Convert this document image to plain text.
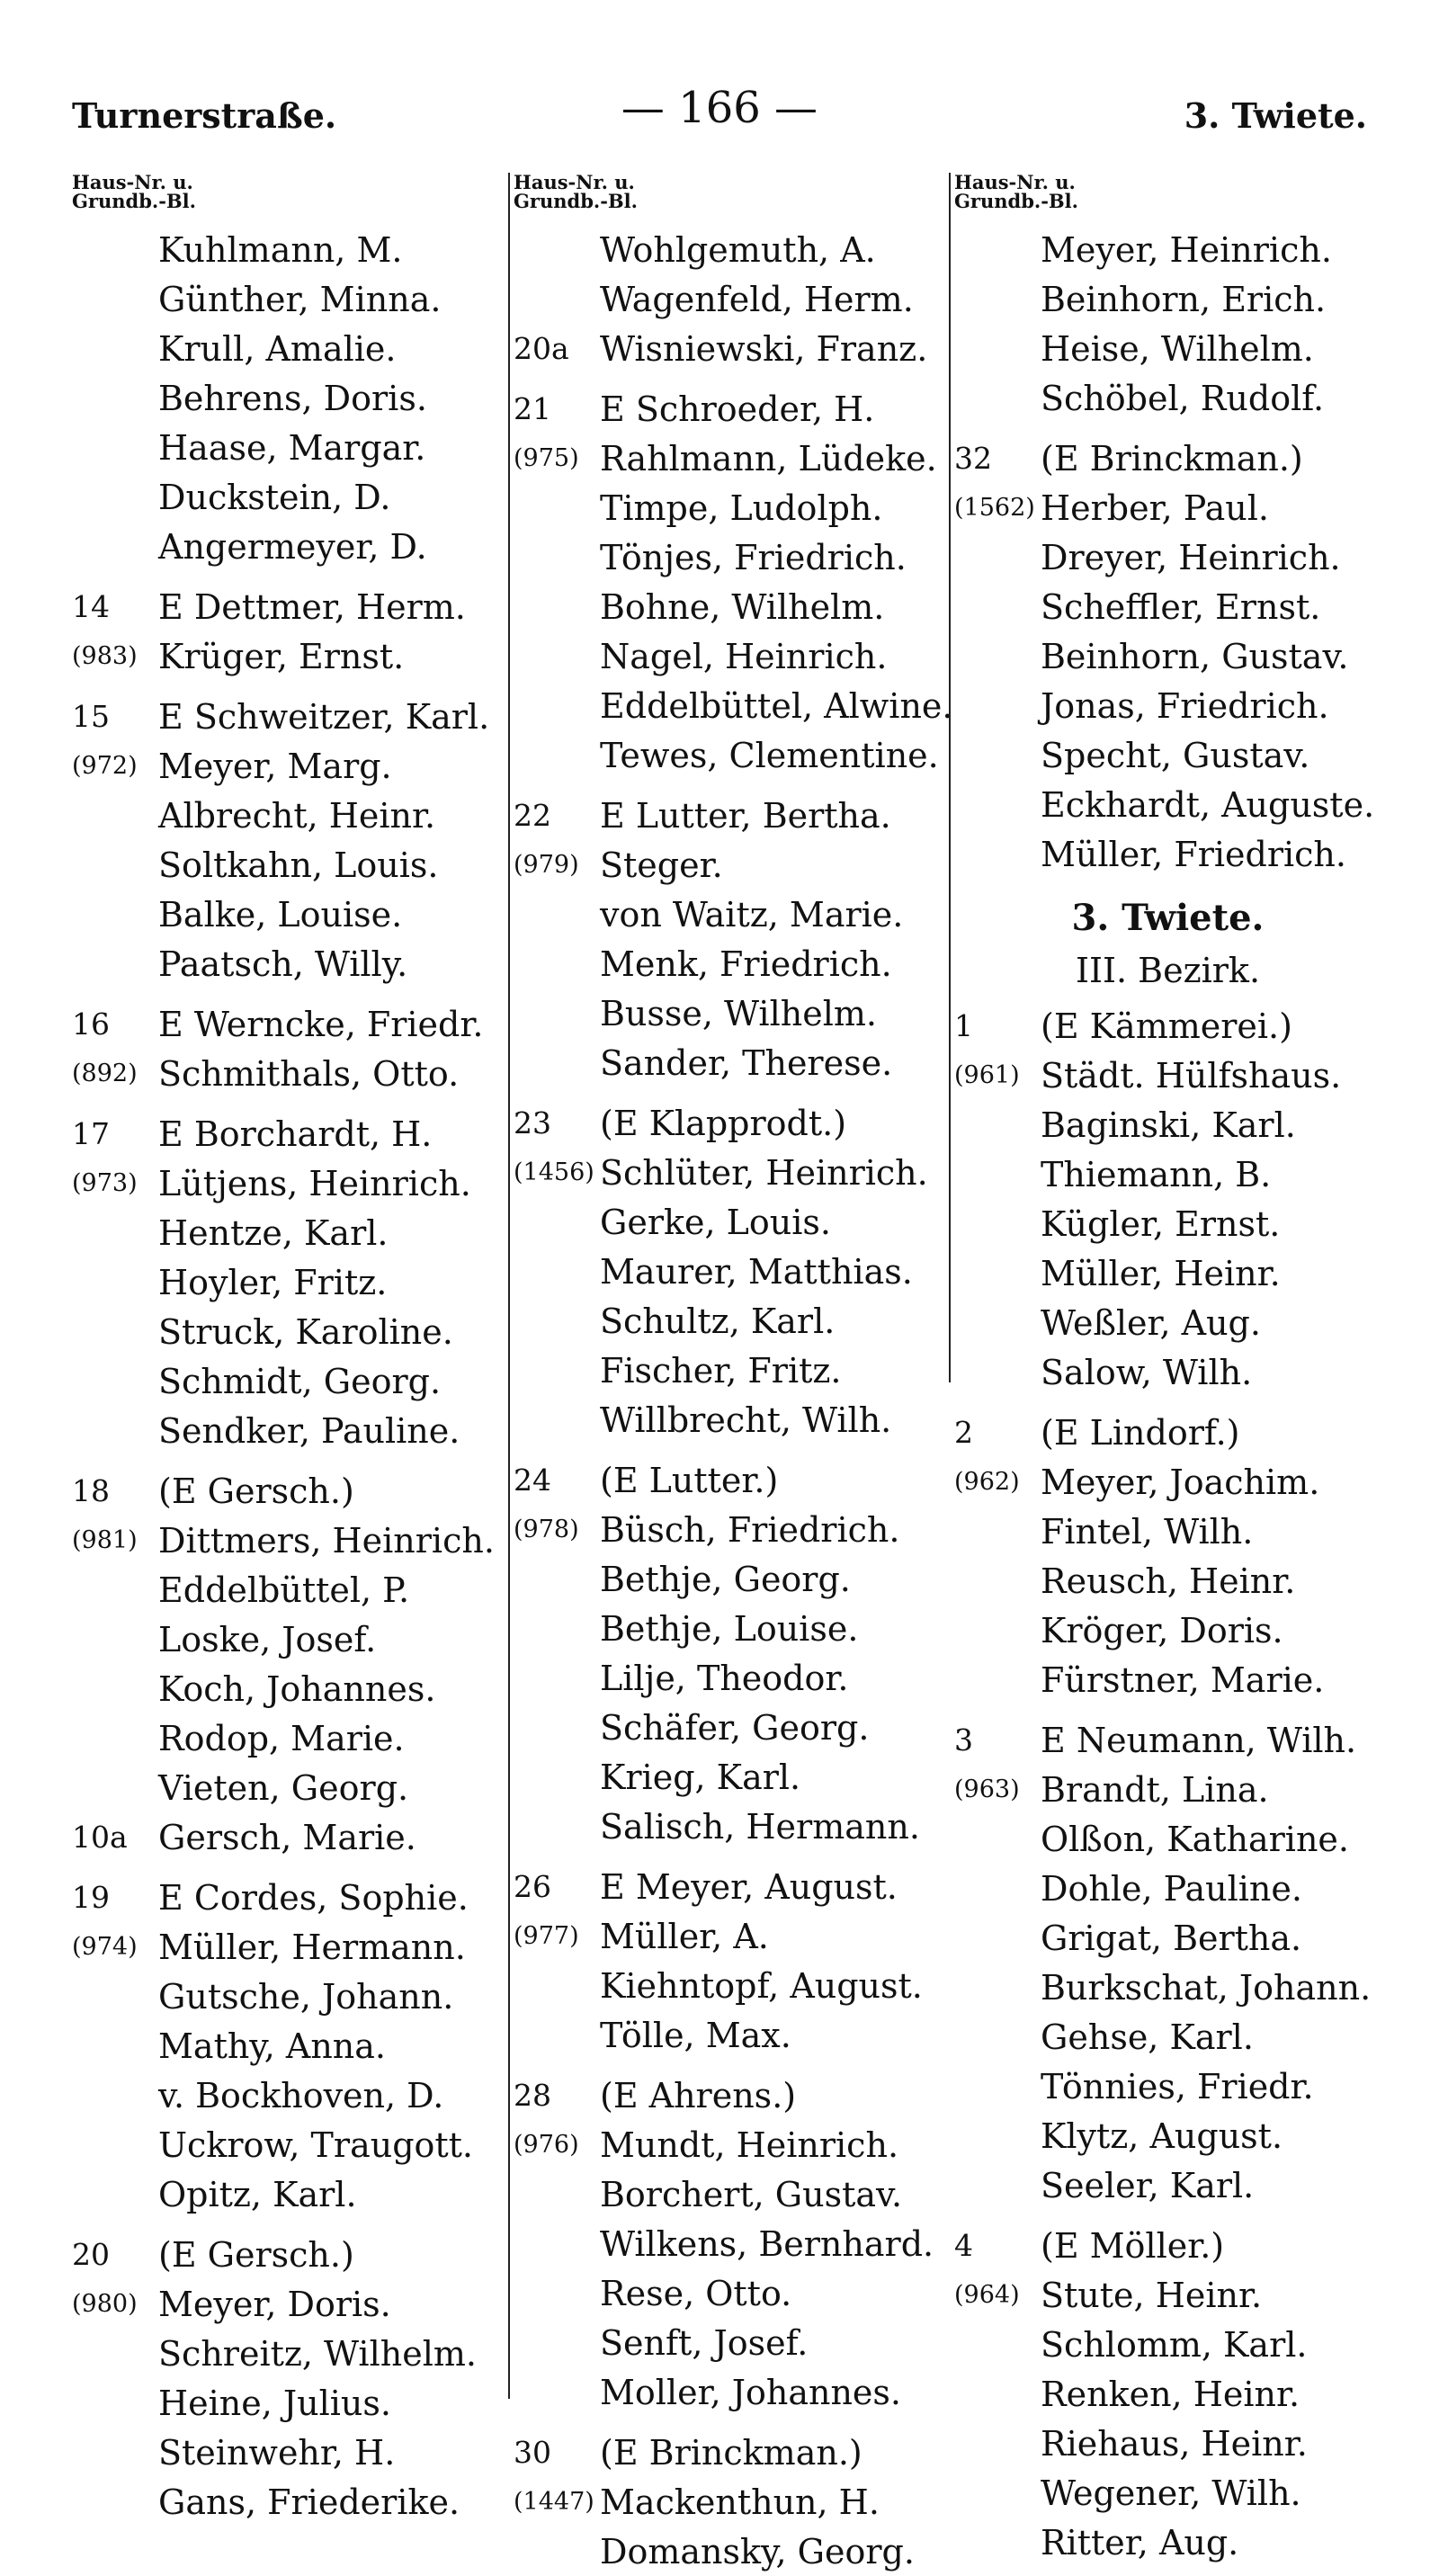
Turnerstraße.	— 166 —	3. Twiete.
Haus-Nr. u.
Grundb.-Bl.
Kuhlmann, M.
Günther, Minna.
Krull, Amalie.
Behrens, Doris.
Haase, Margar.
Duckstein, D.
Angermeyer, D.
14	E Dettmer, Herm.
(983) Krüger, Ernst.
15	E Schweitzer, Karl.
(972) Meyer, Marg.
Albrecht, Heinr.
Soltkahn, Louis.
Balke, Louise.
Paatsch, Willy.
16	E Werncke, Friedr.
(892) Schmithals, Otto.
17	E Borchardt, H.
(973) Lütjens, Heinrich.
Hentze, Karl.
Hoyler, Fritz.
Struck, Karoline.
Schmidt, Georg.
Sendker, Pauline.
18	(E Gersch.)
(981) Dittmers, Heinrich.
Eddelbüttel, P.
Loske, Josef.
Koch, Johannes.
Rodop, Marie.
Vieten, Georg.
10a Gersch, Marie.
19	E Cordes, Sophie.
(974) Müller, Hermann.
Gutsche, Johann.
Mathy, Anna.
v. Bockhoven, D.
Uckrow, Traugott.
Opitz, Karl.
20	(E Gersch.)
(980) Meyer, Doris.
Schreitz, Wilhelm.
Heine, Julius.
Steinwehr, H.
Gans, Friederike.
Haus-Nr. u.
Grundb.-Bl.
Wohlgemuth, A.
Wagenfeld, Herm.
20a Wisniewski, Franz.
21	E Schroeder, H.
(975) Rahlmann, Lüdeke.
Timpe, Ludolph.
Tönjes, Friedrich.
Bohne, Wilhelm.
Nagel, Heinrich.
Eddelbüttel, Alwine.
Tewes, Clementine.
22	E Lutter, Bertha.
(979) Steger.
von Waitz, Marie.
Menk, Friedrich.
Busse, Wilhelm.
Sander, Therese.
23	(E Klapprodt.)
(1456) Schlüter, Heinrich.
Gerke, Louis.
Maurer, Matthias.
Schultz, Karl.
Fischer, Fritz.
Willbrecht, Wilh.
24	(E Lutter.)
(978) Büsch, Friedrich.
Bethje, Georg.
Bethje, Louise.
Lilje, Theodor.
Schäfer, Georg.
Krieg, Karl.
Salisch, Hermann.
26	E Meyer, August.
(977) Müller, A.
Kiehntopf, August.
Tölle, Max.
28	(E Ahrens.)
(976) Mundt, Heinrich.
Borchert, Gustav.
Wilkens, Bernhard.
Rese, Otto.
Senft, Josef.
Moller, Johannes.
30	(E Brinckman.)
(1447) Mackenthun, H.
Domansky, Georg.
Haus-Nr. u.
Grundb.-Bl.
Meyer, Heinrich.
Beinhorn, Erich.
Heise, Wilhelm.
Schöbel, Rudolf.
32	(E Brinckman.)
(1562) Herber, Paul.
Dreyer, Heinrich.
Scheffler, Ernst.
Beinhorn, Gustav.
Jonas, Friedrich.
Specht, Gustav.
Eckhardt, Auguste.
Müller, Friedrich.
3. Twiete.
III. Bezirk.
1	(E Kämmerei.)
(961) Städt. Hülfshaus.
Baginski, Karl.
Thiemann, B.
Kügler, Ernst.
Müller, Heinr.
Weßler, Aug.
Salow, Wilh.
2	(E Lindorf.)
(962) Meyer, Joachim.
Fintel, Wilh.
Reusch, Heinr.
Kröger, Doris.
Fürstner, Marie.
3	E Neumann, Wilh.
(963) Brandt, Lina.
Olßon, Katharine.
Dohle, Pauline.
Grigat, Bertha.
Burkschat, Johann.
Gehse, Karl.
Tönnies, Friedr.
Klytz, August.
Seeler, Karl.
4	(E Möller.)
(964) Stute, Heinr.
Schlomm, Karl.
Renken, Heinr.
Riehaus, Heinr.
Wegener, Wilh.
Ritter, Aug.
